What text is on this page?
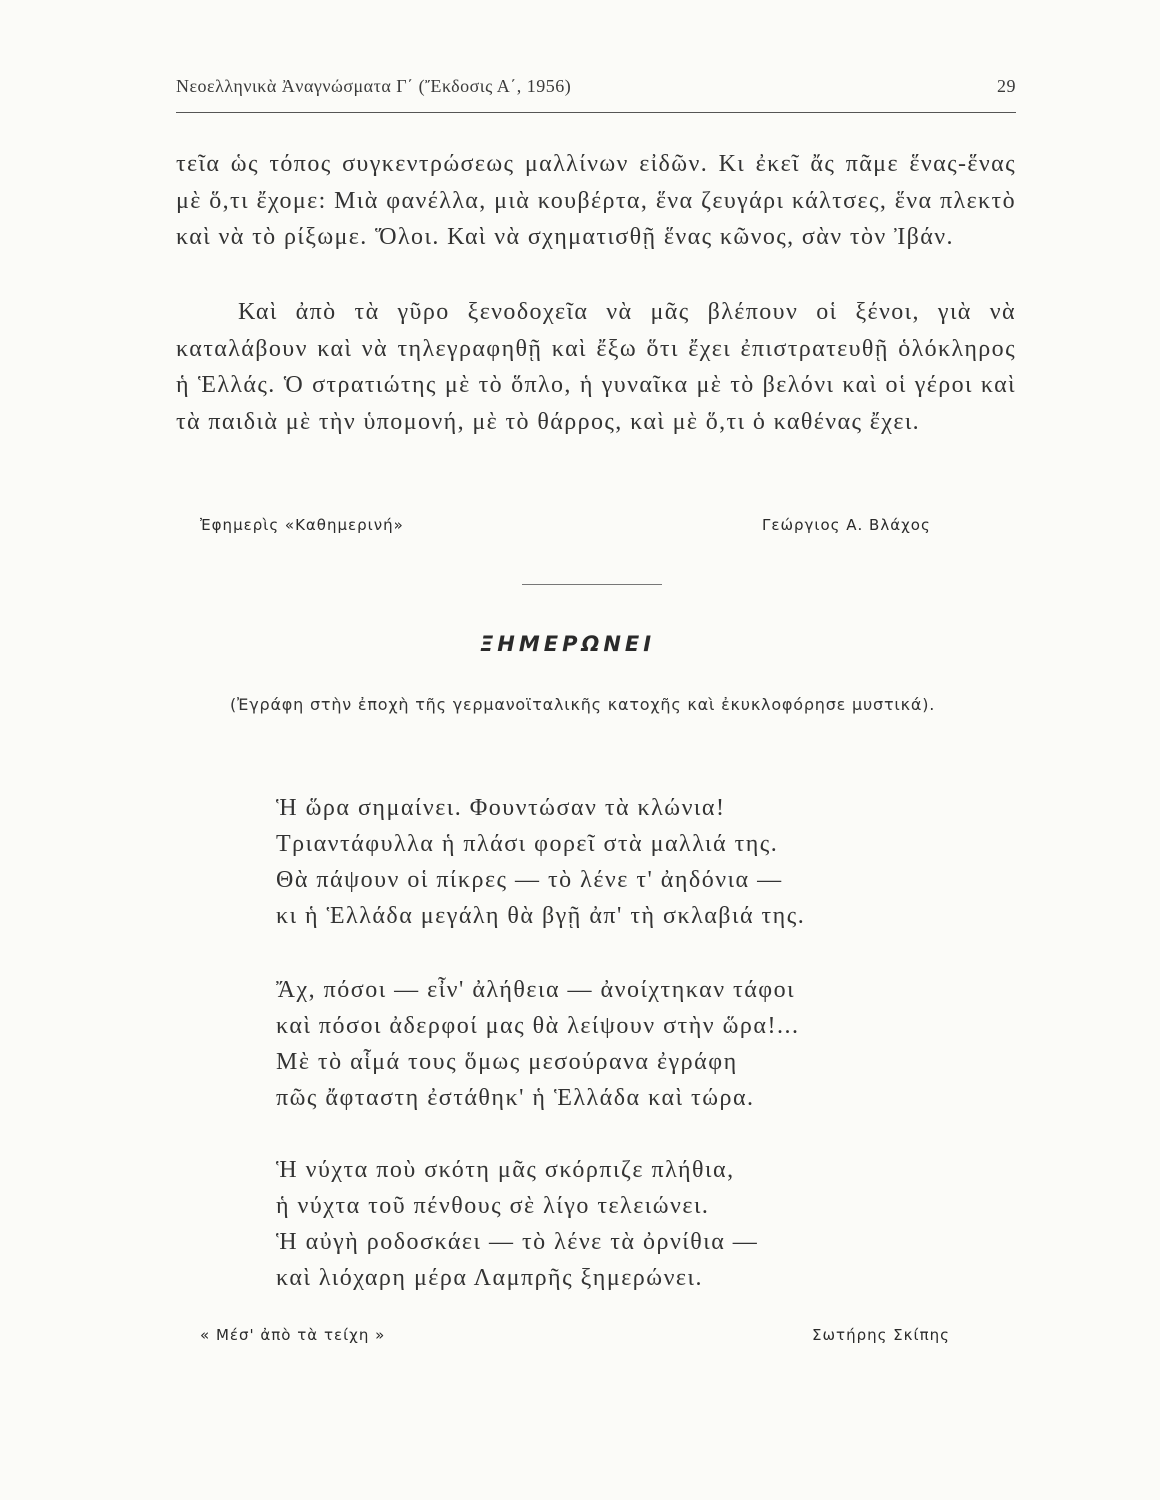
Νεοελληνικὰ Ἀναγνώσματα Γ΄ (Ἔκδοσις Α΄, 1956)	29

τεῖα ὡς τόπος συγκεντρώσεως μαλλίνων εἰδῶν. Κι ἐκεῖ ἄς πᾶμε ἕνας-ἕνας μὲ ὅ,τι ἔχομε: Μιὰ φανέλλα, μιὰ κουβέρτα, ἕνα ζευγάρι κάλτσες, ἕνα πλεκτὸ καὶ νὰ τὸ ρίξωμε. Ὅλοι. Καὶ νὰ σχηματισθῇ ἕνας κῶνος, σὰν τὸν Ἰβάν.

Καὶ ἀπὸ τὰ γῦρο ξενοδοχεῖα νὰ μᾶς βλέπουν οἱ ξένοι, γιὰ νὰ καταλάβουν καὶ νὰ τηλεγραφηθῇ καὶ ἔξω ὅτι ἔχει ἐπιστρατευθῇ ὁλόκληρος ἡ Ἑλλάς. Ὁ στρατιώτης μὲ τὸ ὅπλο, ἡ γυναῖκα μὲ τὸ βελόνι καὶ οἱ γέροι καὶ τὰ παιδιὰ μὲ τὴν ὑπομονή, μὲ τὸ θάρρος, καὶ μὲ ὅ,τι ὁ καθένας ἔχει.

Ἐφημερὶς «Καθημερινή»	Γεώργιος Α. Βλάχος
ΞΗΜΕΡΩΝΕΙ

(Ἐγράφη στὴν ἐποχὴ τῆς γερμανοϊταλικῆς κατοχῆς καὶ ἐκυκλοφόρησε μυστικά).

Ἡ ὥρα σημαίνει. Φουντώσαν τὰ κλώνια!
Τριαντάφυλλα ἡ πλάσι φορεῖ στὰ μαλλιά της.
Θὰ πάψουν οἱ πίκρες — τὸ λένε τ' ἀηδόνια —
κι ἡ Ἑλλάδα μεγάλη θὰ βγῇ ἀπ' τὴ σκλαβιά της.
Ἄχ, πόσοι — εἶν' ἀλήθεια — ἀνοίχτηκαν τάφοι
καὶ πόσοι ἀδερφοί μας θὰ λείψουν στὴν ὥρα!...
Μὲ τὸ αἷμά τους ὅμως μεσούρανα ἐγράφη
πῶς ἄφταστη ἐστάθηκ' ἡ Ἑλλάδα καὶ τώρα.
Ἡ νύχτα ποὺ σκότη μᾶς σκόρπιζε πλήθια,
ἡ νύχτα τοῦ πένθους σὲ λίγο τελειώνει.
Ἡ αὐγὴ ροδοσκάει — τὸ λένε τὰ ὀρνίθια —
καὶ λιόχαρη μέρα Λαμπρῆς ξημερώνει.
« Μέσ' ἀπὸ τὰ τείχη »	Σωτήρης Σκίπης
